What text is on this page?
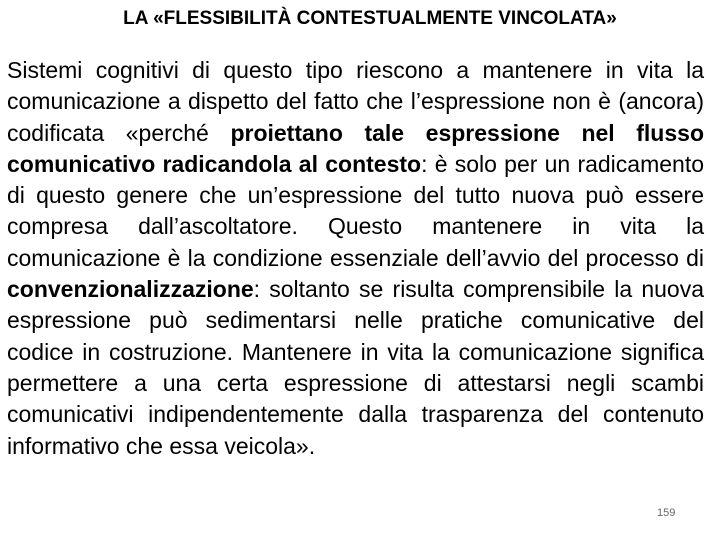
LA «FLESSIBILITÀ CONTESTUALMENTE VINCOLATA»
Sistemi cognitivi di questo tipo riescono a mantenere in vita la comunicazione a dispetto del fatto che l’espressione non è (ancora) codificata «perché proiettano tale espressione nel flusso comunicativo radicandola al contesto: è solo per un radicamento di questo genere che un’espressione del tutto nuova può essere compresa dall’ascoltatore. Questo mantenere in vita la comunicazione è la condizione essenziale dell’avvio del processo di convenzionalizzazione: soltanto se risulta comprensibile la nuova espressione può sedimentarsi nelle pratiche comunicative del codice in costruzione. Mantenere in vita la comunicazione significa permettere a una certa espressione di attestarsi negli scambi comunicativi indipendentemente dalla trasparenza del contenuto informativo che essa veicola».
159
